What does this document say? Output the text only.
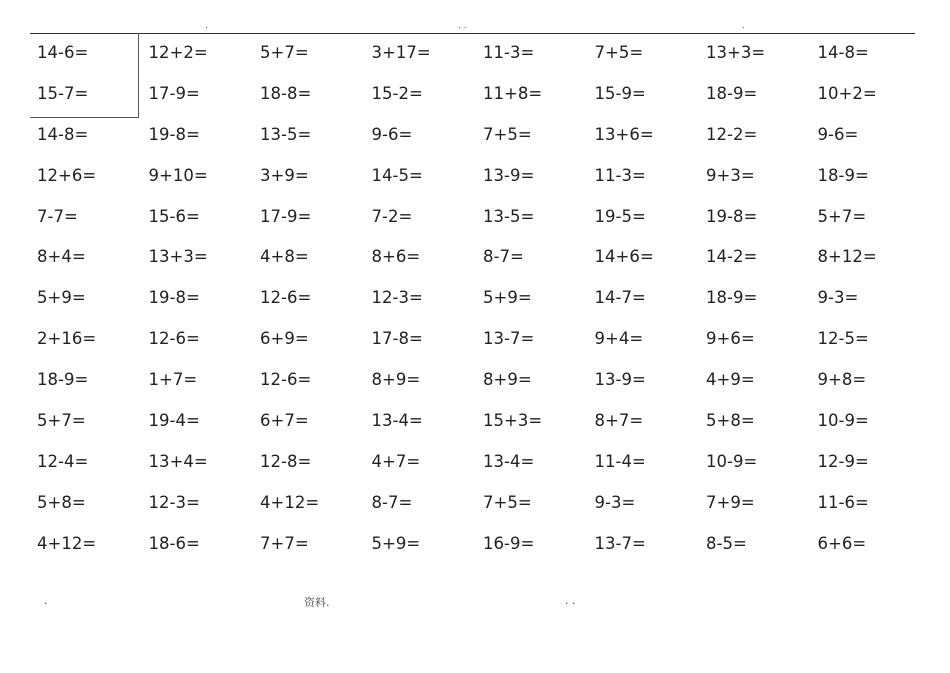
.	. .	.
14-6=	12+2=	5+7=	3+17=	11-3=	7+5=	13+3=	14-8=
15-7=	17-9=	18-8=	15-2=	11+8=	15-9=	18-9=	10+2=
14-8=	19-8=	13-5=	9-6=	7+5=	13+6=	12-2=	9-6=
12+6=	9+10=	3+9=	14-5=	13-9=	11-3=	9+3=	18-9=
7-7=	15-6=	17-9=	7-2=	13-5=	19-5=	19-8=	5+7=
8+4=	13+3=	4+8=	8+6=	8-7=	14+6=	14-2=	8+12=
5+9=	19-8=	12-6=	12-3=	5+9=	14-7=	18-9=	9-3=
2+16=	12-6=	6+9=	17-8=	13-7=	9+4=	9+6=	12-5=
18-9=	1+7=	12-6=	8+9=	8+9=	13-9=	4+9=	9+8=
5+7=	19-4=	6+7=	13-4=	15+3=	8+7=	5+8=	10-9=
12-4=	13+4=	12-8=	4+7=	13-4=	11-4=	10-9=	12-9=
5+8=	12-3=	4+12=	8-7=	7+5=	9-3=	7+9=	11-6=
4+12=	18-6=	7+7=	5+9=	16-9=	13-7=	8-5=	6+6=
.	资料.	. .
